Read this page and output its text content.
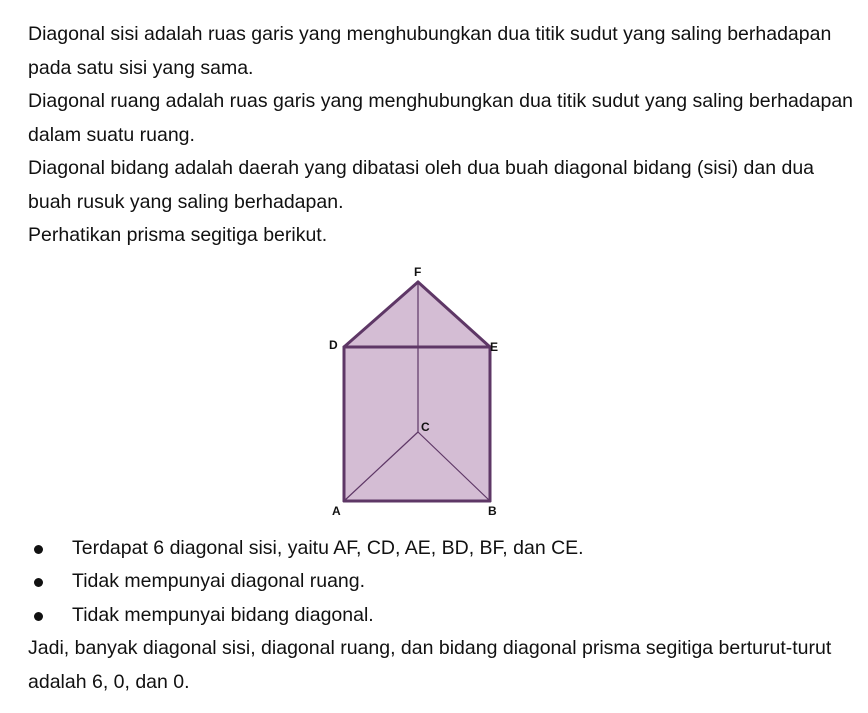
Diagonal sisi adalah ruas garis yang menghubungkan dua titik sudut yang saling berhadapan pada satu sisi yang sama.

Diagonal ruang adalah ruas garis yang menghubungkan dua titik sudut yang saling berhadapan dalam suatu ruang.

Diagonal bidang adalah daerah yang dibatasi oleh dua buah diagonal bidang (sisi) dan dua buah rusuk yang saling berhadapan.

Perhatikan prisma segitiga berikut.

F
D	E
C
A	B
Terdapat 6 diagonal sisi, yaitu AF, CD, AE, BD, BF, dan CE.
Tidak mempunyai diagonal ruang.
Tidak mempunyai bidang diagonal.

Jadi, banyak diagonal sisi, diagonal ruang, dan bidang diagonal prisma segitiga berturut-turut adalah 6, 0, dan 0.
